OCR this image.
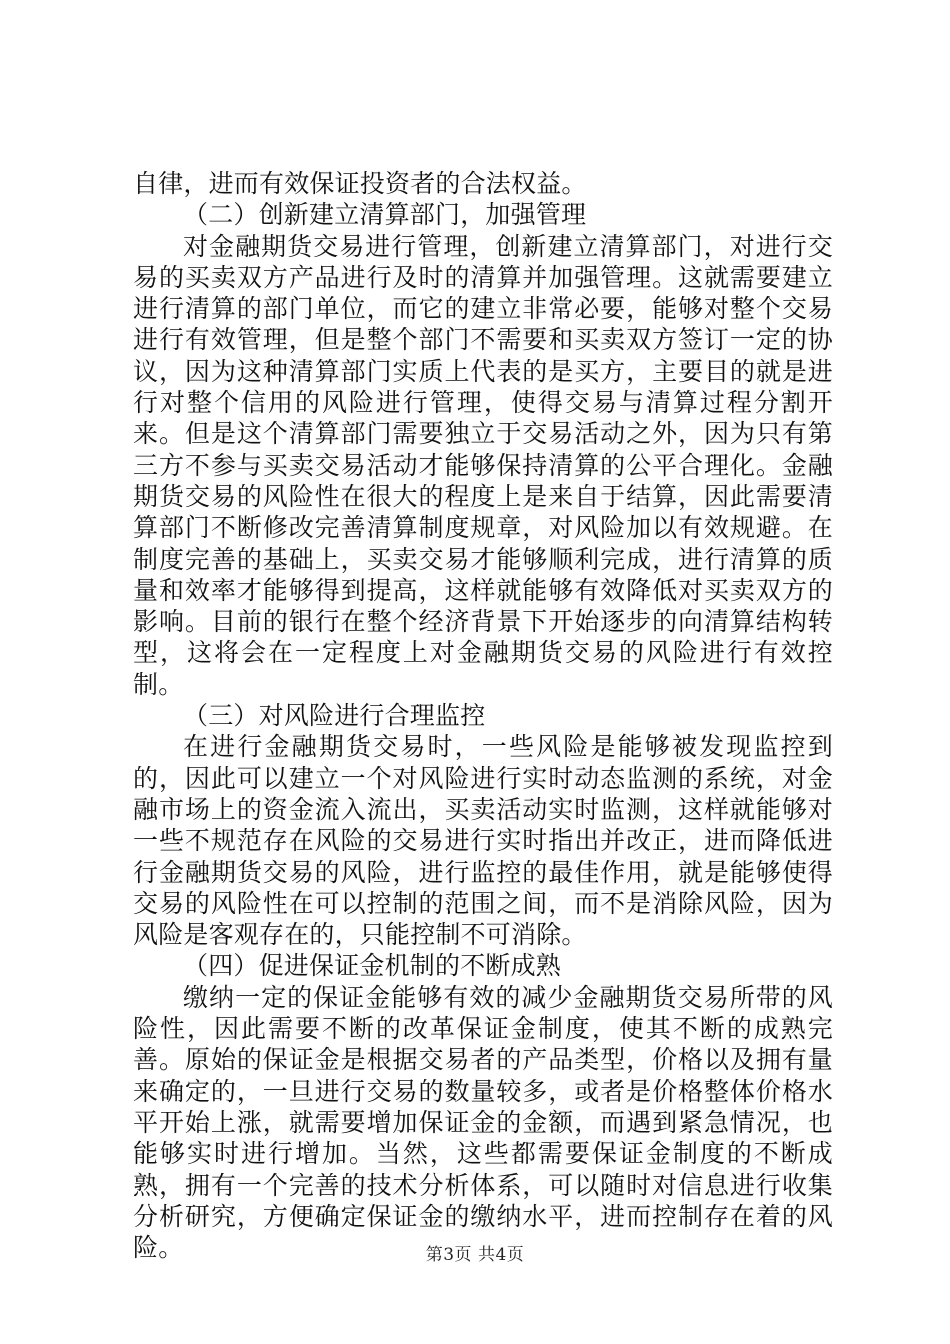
自律，进而有效保证投资者的合法权益。

（二）创新建立清算部门，加强管理

对金融期货交易进行管理，创新建立清算部门，对进行交易的买卖双方产品进行及时的清算并加强管理。这就需要建立进行清算的部门单位，而它的建立非常必要，能够对整个交易进行有效管理，但是整个部门不需要和买卖双方签订一定的协议，因为这种清算部门实质上代表的是买方，主要目的就是进行对整个信用的风险进行管理，使得交易与清算过程分割开来。但是这个清算部门需要独立于交易活动之外，因为只有第三方不参与买卖交易活动才能够保持清算的公平合理化。金融期货交易的风险性在很大的程度上是来自于结算，因此需要清算部门不断修改完善清算制度规章，对风险加以有效规避。在制度完善的基础上，买卖交易才能够顺利完成，进行清算的质量和效率才能够得到提高，这样就能够有效降低对买卖双方的影响。目前的银行在整个经济背景下开始逐步的向清算结构转型，这将会在一定程度上对金融期货交易的风险进行有效控制。

（三）对风险进行合理监控

在进行金融期货交易时，一些风险是能够被发现监控到的，因此可以建立一个对风险进行实时动态监测的系统，对金融市场上的资金流入流出，买卖活动实时监测，这样就能够对一些不规范存在风险的交易进行实时指出并改正，进而降低进行金融期货交易的风险，进行监控的最佳作用，就是能够使得交易的风险性在可以控制的范围之间，而不是消除风险，因为风险是客观存在的，只能控制不可消除。

（四）促进保证金机制的不断成熟

缴纳一定的保证金能够有效的减少金融期货交易所带的风险性，因此需要不断的改革保证金制度，使其不断的成熟完善。原始的保证金是根据交易者的产品类型，价格以及拥有量来确定的，一旦进行交易的数量较多，或者是价格整体价格水平开始上涨，就需要增加保证金的金额，而遇到紧急情况，也能够实时进行增加。当然，这些都需要保证金制度的不断成熟，拥有一个完善的技术分析体系，可以随时对信息进行收集分析研究，方便确定保证金的缴纳水平，进而控制存在着的风险。	第3页 共4页
